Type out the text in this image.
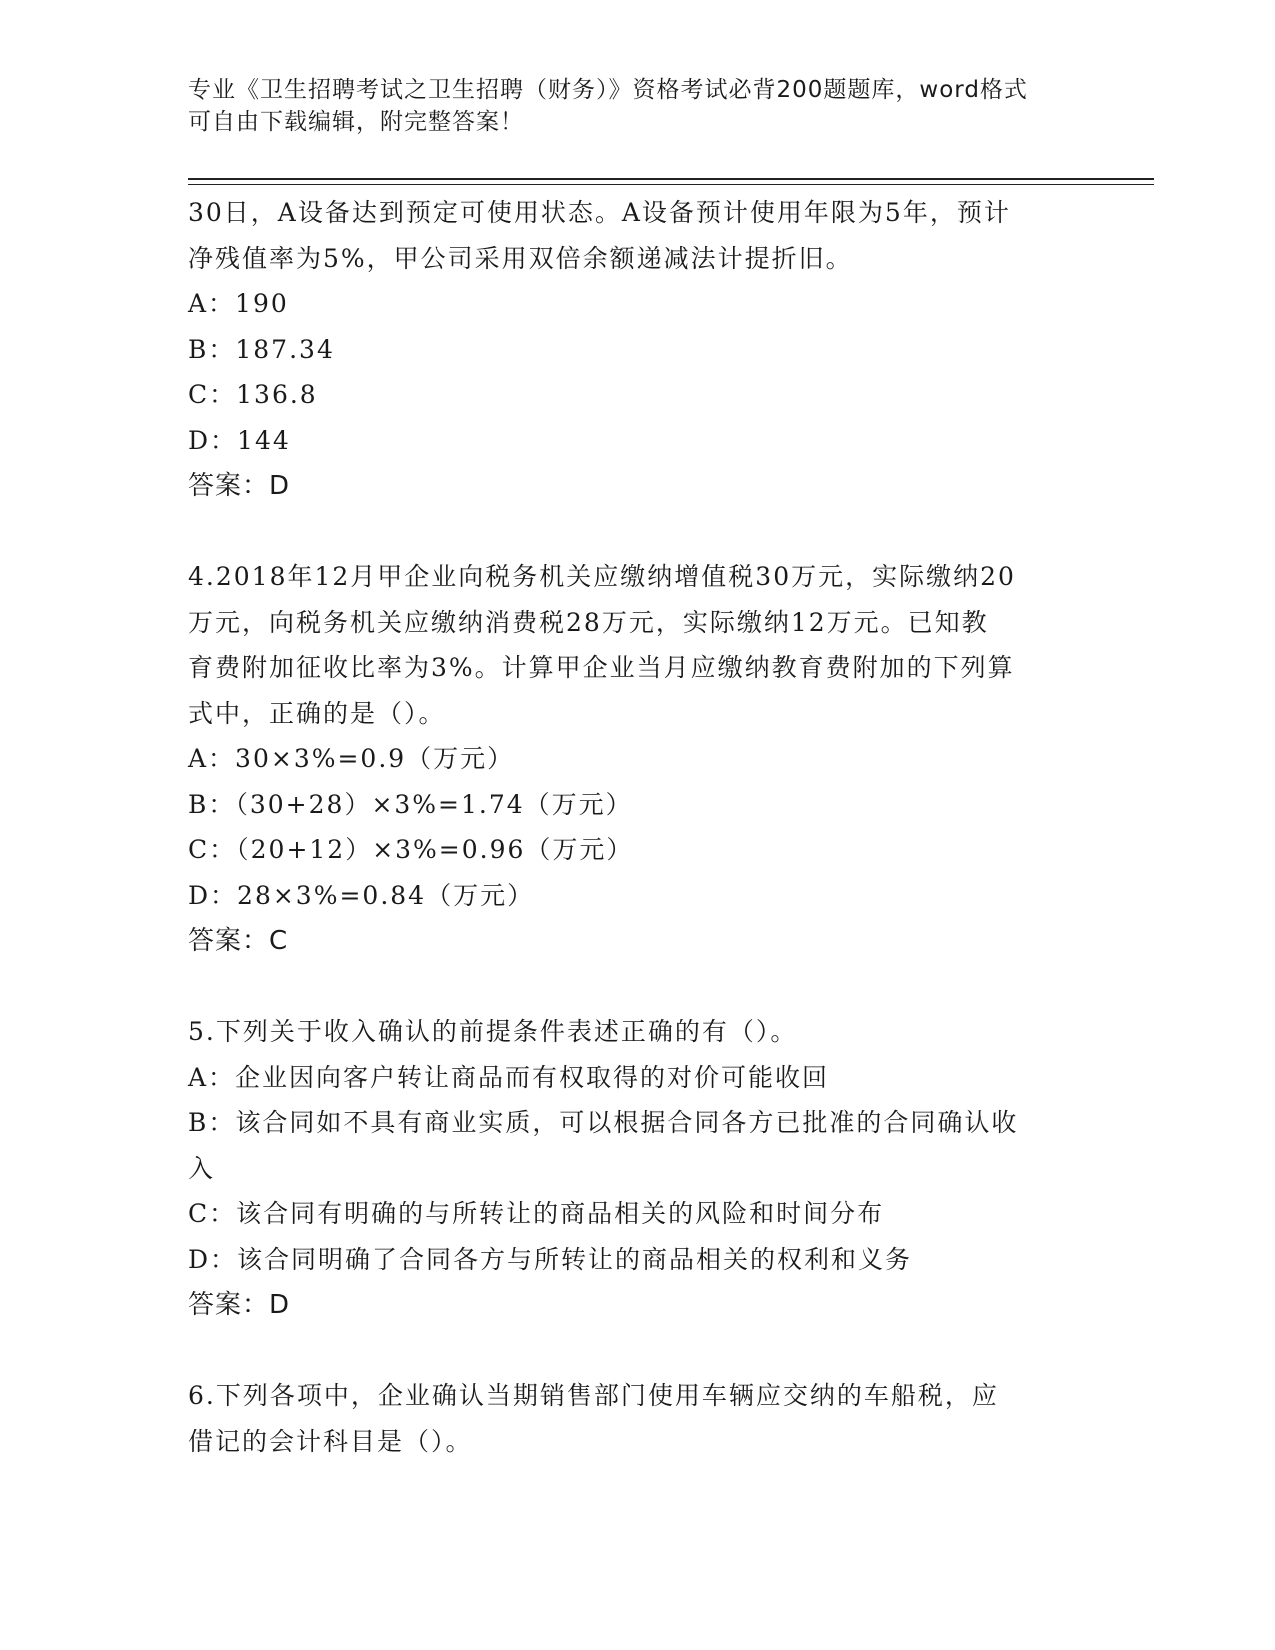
专业《卫生招聘考试之卫生招聘（财务）》资格考试必背200题题库，word格式
可自由下载编辑，附完整答案！
30日，A设备达到预定可使用状态。A设备预计使用年限为5年，预计
净残值率为5%，甲公司采用双倍余额递减法计提折旧。
A：190
B：187.34
C：136.8
D：144
答案：D
4.2018年12月甲企业向税务机关应缴纳增值税30万元，实际缴纳20
万元，向税务机关应缴纳消费税28万元，实际缴纳12万元。已知教
育费附加征收比率为3%。计算甲企业当月应缴纳教育费附加的下列算
式中，正确的是（）。
A：30×3%=0.9（万元）
B：（30+28）×3%=1.74（万元）
C：（20+12）×3%=0.96（万元）
D：28×3%=0.84（万元）
答案：C
5.下列关于收入确认的前提条件表述正确的有（）。
A：企业因向客户转让商品而有权取得的对价可能收回
B：该合同如不具有商业实质，可以根据合同各方已批准的合同确认收
入
C：该合同有明确的与所转让的商品相关的风险和时间分布
D：该合同明确了合同各方与所转让的商品相关的权利和义务
答案：D
6.下列各项中，企业确认当期销售部门使用车辆应交纳的车船税，应
借记的会计科目是（）。
